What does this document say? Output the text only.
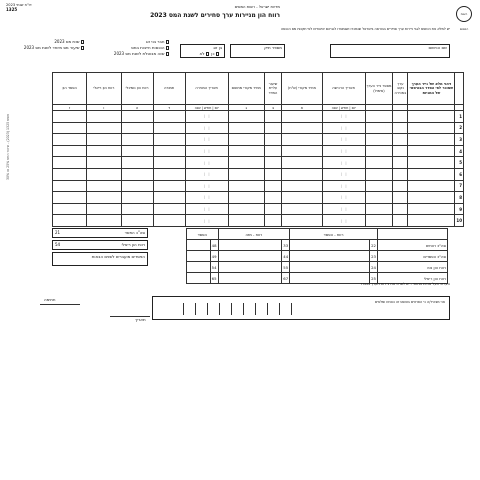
רשות המסים
מדינת ישראל - רשות המסים
דו"ח שנתי 2023
1325
רווח הון מניירות ערך סחירים לשנת המס 2023
יש למלא את הטופס לגבי ניירות ערך סחירים בבורסה בישראל שנמכרו ושנמסרו לגביהם אישורים לפי תקנות מס הכנסה
שם הנישום
מספר תיק
בן זוג
כן לא
חבר בני זוג
הכנסות חייבות במס
שנה מבוטלת לשנת מס 2023
שנת מס 2023
שיעור מס מיוחד לשנת מס 2023
	זיהוי מלא של נייר הערך שמוכר לפי הסדר הבורסאי של המניות	ערך נקוב במכירה	מספר נייר הערך (סימול)	תאריך הרכישה	מחיר מקורי (ש"ח)	שיעור עליית המדד	מחיר מקורי מתואם	תאריך המכירה	תמורה	רווח הון נומינלי	רווח הון ריאלי	הפסד הון
				יום | חודש | שנה	א	ב	ג	יום | חודש | שנה	ד	ה	ו	ז
1				|   |				|   |				
2				|   |				|   |				
3				|   |				|   |				
4				|   |				|   |				
5				|   |				|   |				
6				|   |				|   |				
7				|   |				|   |				
8				|   |				|   |				
9				|   |				|   |				
10				|   |				|   |				
	רווח - הפסד		רווח - מזה		הפסד	
סה"כ רווחים	22		33		48	
סה"כ הפסדים	23		44		49	
רווח הון נטו	24		55		54	
רווח הון ריאלי	25		67		65	
סה"כ הפסד
21
רווח הון ריאלי
54
הפסדים מועברים לשנים הבאות
הערה: בעל מניות מהותי - יש לפרט את ניירות הערך בנפרד
אני מצהיר/ה כי הפרטים בטופס זה נכונים ומלאים
חתימה
תאריך
טופס 1325 (2023) - שיעור המס 25% או 30%
